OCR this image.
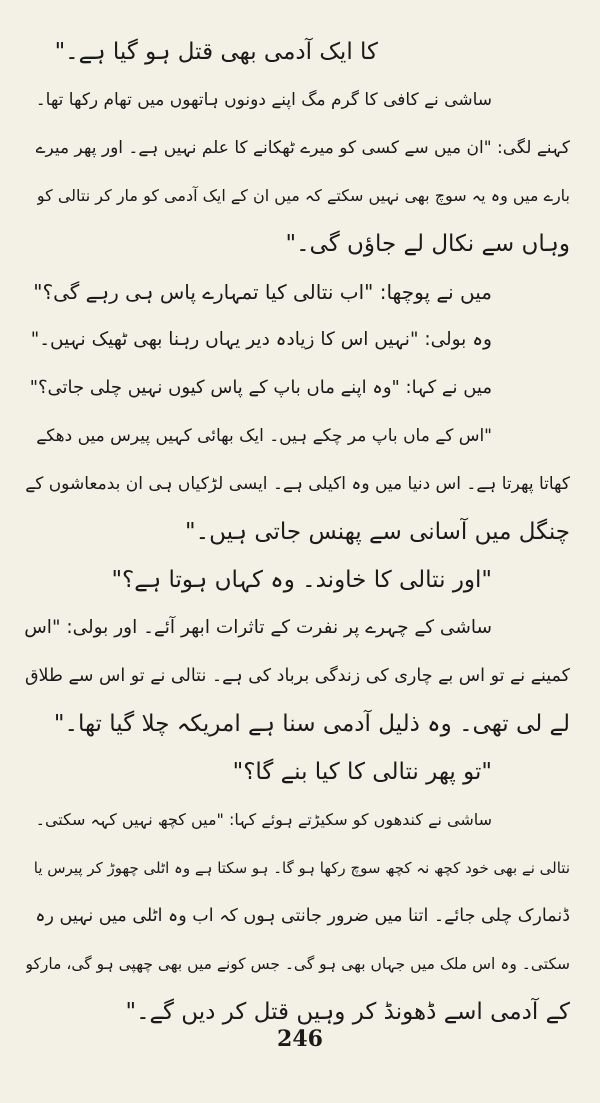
کا ایک آدمی بھی قتل ہو گیا ہے۔"
ساشی نے کافی کا گرم مگ اپنے دونوں ہاتھوں میں تھام رکھا تھا۔
کہنے لگی: "ان میں سے کسی کو میرے ٹھکانے کا علم نہیں ہے۔ اور پھر میرے
بارے میں وہ یہ سوچ بھی نہیں سکتے کہ میں ان کے ایک آدمی کو مار کر نتالی کو
وہاں سے نکال لے جاؤں گی۔"
میں نے پوچھا: "اب نتالی کیا تمہارے پاس ہی رہے گی؟"
وہ بولی: "نہیں اس کا زیادہ دیر یہاں رہنا بھی ٹھیک نہیں۔"
میں نے کہا: "وہ اپنے ماں باپ کے پاس کیوں نہیں چلی جاتی؟"
"اس کے ماں باپ مر چکے ہیں۔ ایک بھائی کہیں پیرس میں دھکے
کھاتا پھرتا ہے۔ اس دنیا میں وہ اکیلی ہے۔ ایسی لڑکیاں ہی ان بدمعاشوں کے
چنگل میں آسانی سے پھنس جاتی ہیں۔"
"اور نتالی کا خاوند۔ وہ کہاں ہوتا ہے؟"
ساشی کے چہرے پر نفرت کے تاثرات ابھر آئے۔ اور بولی: "اس
کمینے نے تو اس بے چاری کی زندگی برباد کی ہے۔ نتالی نے تو اس سے طلاق
لے لی تھی۔ وہ ذلیل آدمی سنا ہے امریکہ چلا گیا تھا۔"
"تو پھر نتالی کا کیا بنے گا؟"
ساشی نے کندھوں کو سکیڑتے ہوئے کہا: "میں کچھ نہیں کہہ سکتی۔
نتالی نے بھی خود کچھ نہ کچھ سوچ رکھا ہو گا۔ ہو سکتا ہے وہ اٹلی چھوڑ کر پیرس یا
ڈنمارک چلی جائے۔ اتنا میں ضرور جانتی ہوں کہ اب وہ اٹلی میں نہیں رہ
سکتی۔ وہ اس ملک میں جہاں بھی ہو گی۔ جس کونے میں بھی چھپی ہو گی، مارکو
کے آدمی اسے ڈھونڈ کر وہیں قتل کر دیں گے۔"
246
